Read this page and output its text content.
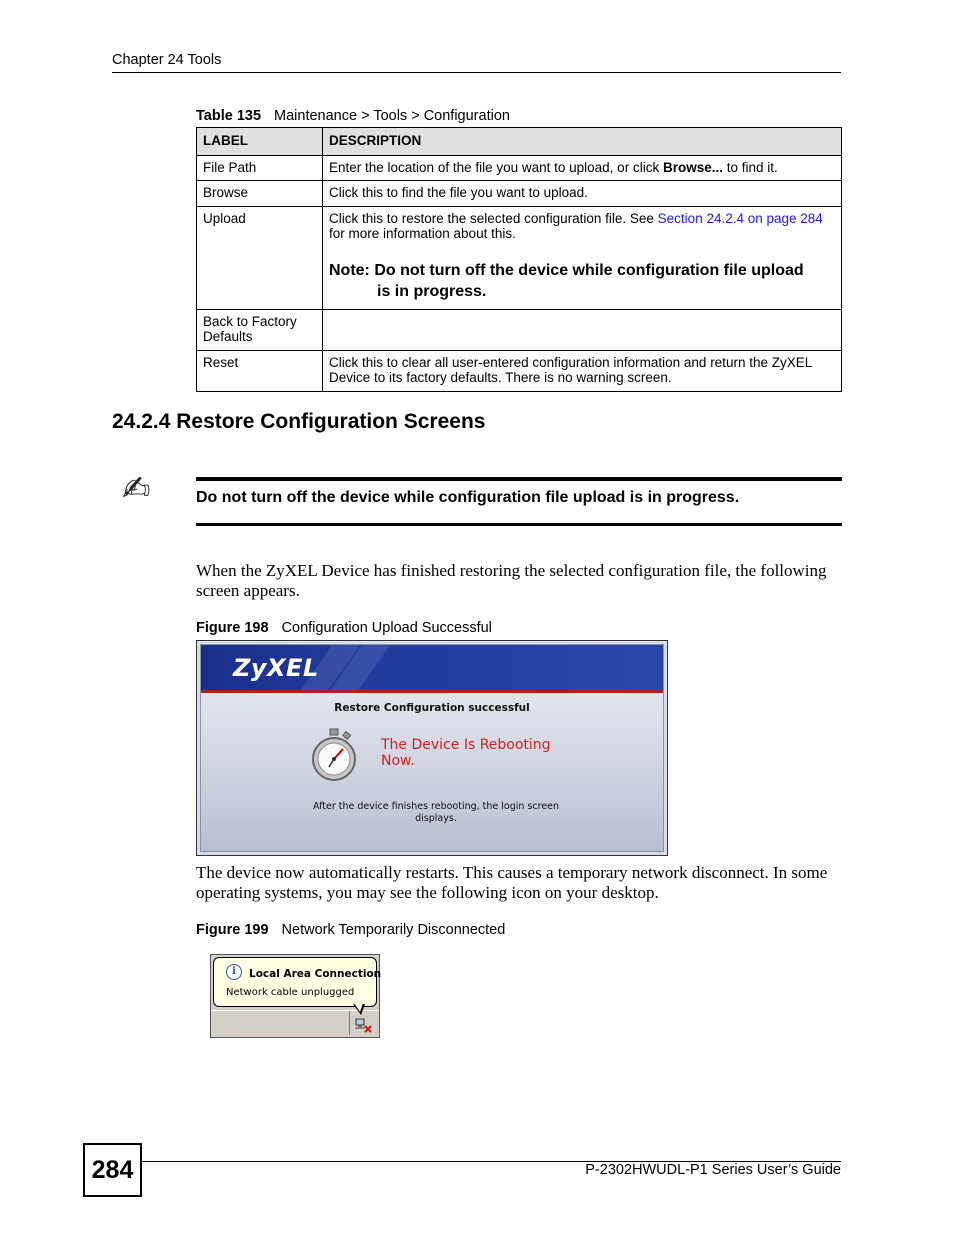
Chapter 24 Tools
Table 135 Maintenance > Tools > Configuration
LABEL	DESCRIPTION
File Path	Enter the location of the file you want to upload, or click Browse... to find it.
Browse	Click this to find the file you want to upload.
Upload	Click this to restore the selected configuration file. See Section 24.2.4 on page 284 for more information about this.
Note: Do not turn off the device while configuration file upload
is in progress.

Back to Factory Defaults	
Reset	Click this to clear all user-entered configuration information and return the ZyXEL Device to its factory defaults. There is no warning screen.
24.2.4 Restore Configuration Screens
✍	Do not turn off the device while configuration file upload is in progress.
When the ZyXEL Device has finished restoring the selected configuration file, the following screen appears.
Figure 198 Configuration Upload Successful
ZyXEL
Restore Configuration successful
The Device Is Rebooting
Now.
After the device finishes rebooting, the login screen displays.
The device now automatically restarts. This causes a temporary network disconnect. In some operating systems, you may see the following icon on your desktop.
Figure 199 Network Temporarily Disconnected
i	Local Area Connection
Network cable unplugged
284	P-2302HWUDL-P1 Series User’s Guide
